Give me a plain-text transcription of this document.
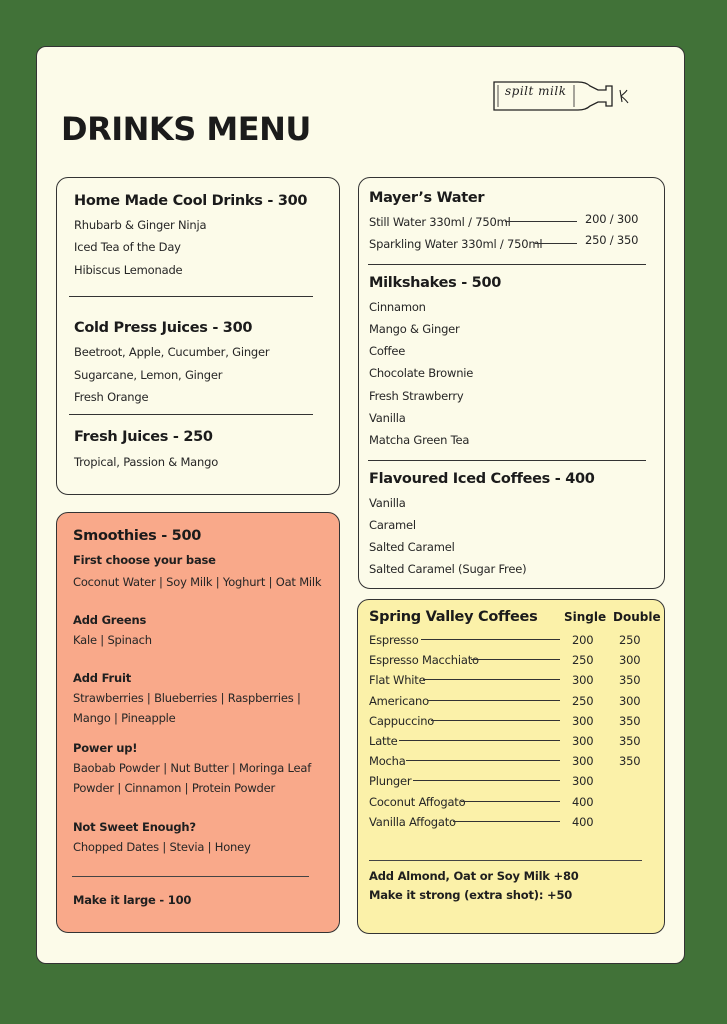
DRINKS MENU
spilt milk
Home Made Cool Drinks - 300

Rhubarb & Ginger Ninja

Iced Tea of the Day

Hibiscus Lemonade

Cold Press Juices - 300

Beetroot, Apple, Cucumber, Ginger

Sugarcane, Lemon, Ginger

Fresh Orange

Fresh Juices - 250

Tropical, Passion & Mango

Mayer’s Water

Still Water 330ml / 750ml	200 / 300

Sparkling Water 330ml / 750ml	250 / 350

Milkshakes - 500

Cinnamon

Mango & Ginger

Coffee

Chocolate Brownie

Fresh Strawberry

Vanilla

Matcha Green Tea

Flavoured Iced Coffees - 400

Vanilla

Caramel

Salted Caramel

Salted Caramel (Sugar Free)

Smoothies - 500

First choose your base

Coconut Water | Soy Milk | Yoghurt | Oat Milk

Add Greens

Kale | Spinach

Add Fruit

Strawberries | Blueberries | Raspberries |

Mango | Pineapple

Power up!

Baobab Powder | Nut Butter | Moringa Leaf

Powder | Cinnamon | Protein Powder

Not Sweet Enough?

Chopped Dates | Stevia | Honey

Make it large - 100

Spring Valley Coffees Single Double

Espresso	200 250

Espresso Macchiato	250 300

Flat White	300 350

Americano	250 300

Cappuccino	300 350

Latte	300 350

Mocha	300 350

Plunger	300

Coconut Affogato	400

Vanilla Affogato	400

Add Almond, Oat or Soy Milk +80

Make it strong (extra shot): +50
